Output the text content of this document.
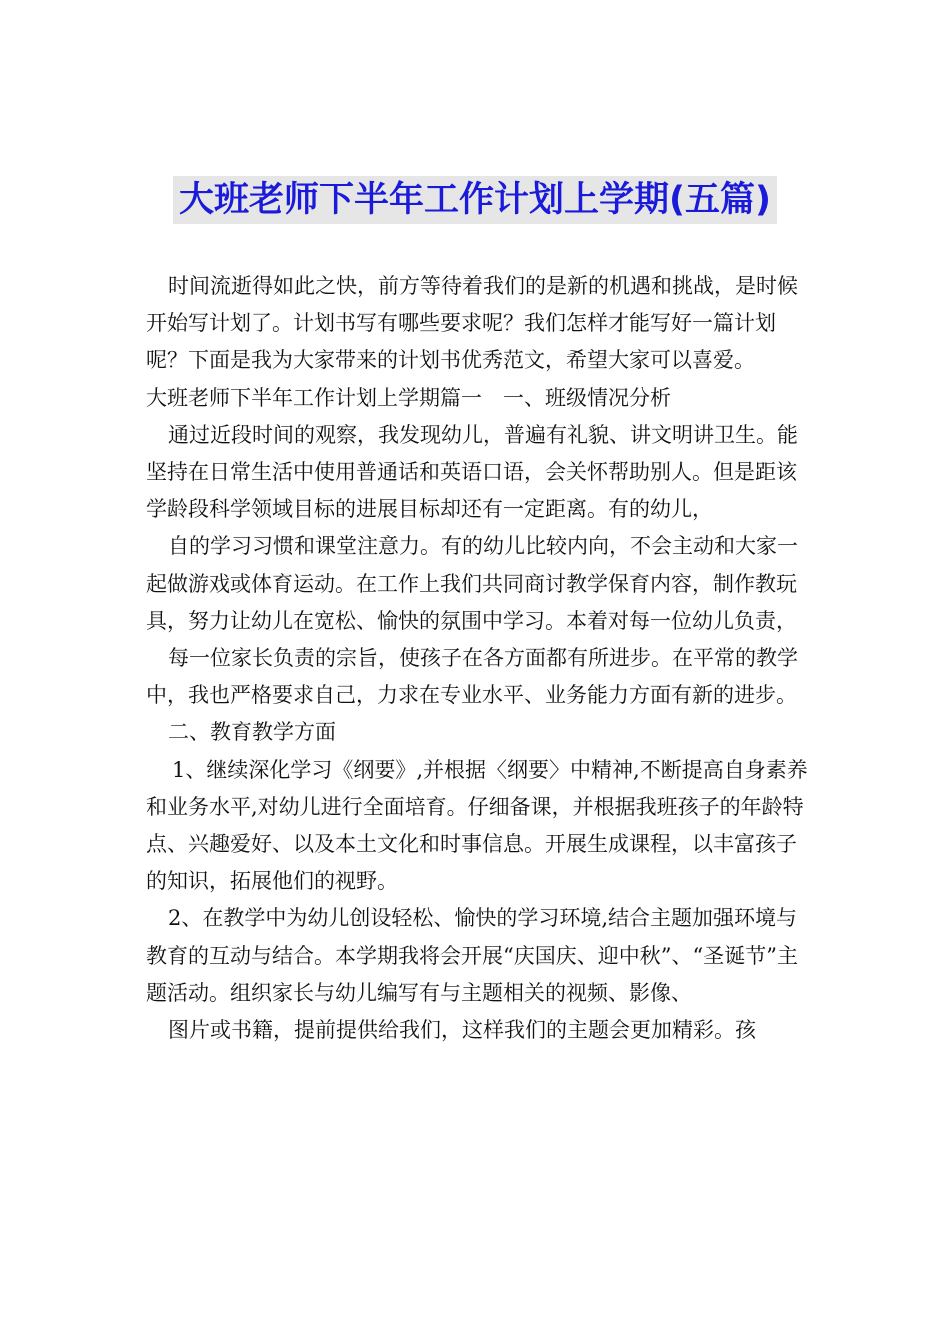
大班老师下半年工作计划上学期(五篇)

时间流逝得如此之快，前方等待着我们的是新的机遇和挑战，是时候开始写计划了。计划书写有哪些要求呢？我们怎样才能写好一篇计划呢？下面是我为大家带来的计划书优秀范文，希望大家可以喜爱。

大班老师下半年工作计划上学期篇一　一、班级情况分析

通过近段时间的观察，我发现幼儿，普遍有礼貌、讲文明讲卫生。能坚持在日常生活中使用普通话和英语口语，会关怀帮助别人。但是距该学龄段科学领域目标的进展目标却还有一定距离。有的幼儿，

自的学习习惯和课堂注意力。有的幼儿比较内向，不会主动和大家一起做游戏或体育运动。在工作上我们共同商讨教学保育内容，制作教玩具，努力让幼儿在宽松、愉快的氛围中学习。本着对每一位幼儿负责，

每一位家长负责的宗旨，使孩子在各方面都有所进步。在平常的教学中，我也严格要求自己，力求在专业水平、业务能力方面有新的进步。

二、教育教学方面

1、继续深化学习《纲要》,并根据〈纲要〉中精神,不断提高自身素养和业务水平,对幼儿进行全面培育。仔细备课，并根据我班孩子的年龄特点、兴趣爱好、以及本土文化和时事信息。开展生成课程，以丰富孩子的知识，拓展他们的视野。

2、在教学中为幼儿创设轻松、愉快的学习环境,结合主题加强环境与教育的互动与结合。本学期我将会开展“庆国庆、迎中秋”、“圣诞节”主题活动。组织家长与幼儿编写有与主题相关的视频、影像、

图片或书籍，提前提供给我们，这样我们的主题会更加精彩。孩
